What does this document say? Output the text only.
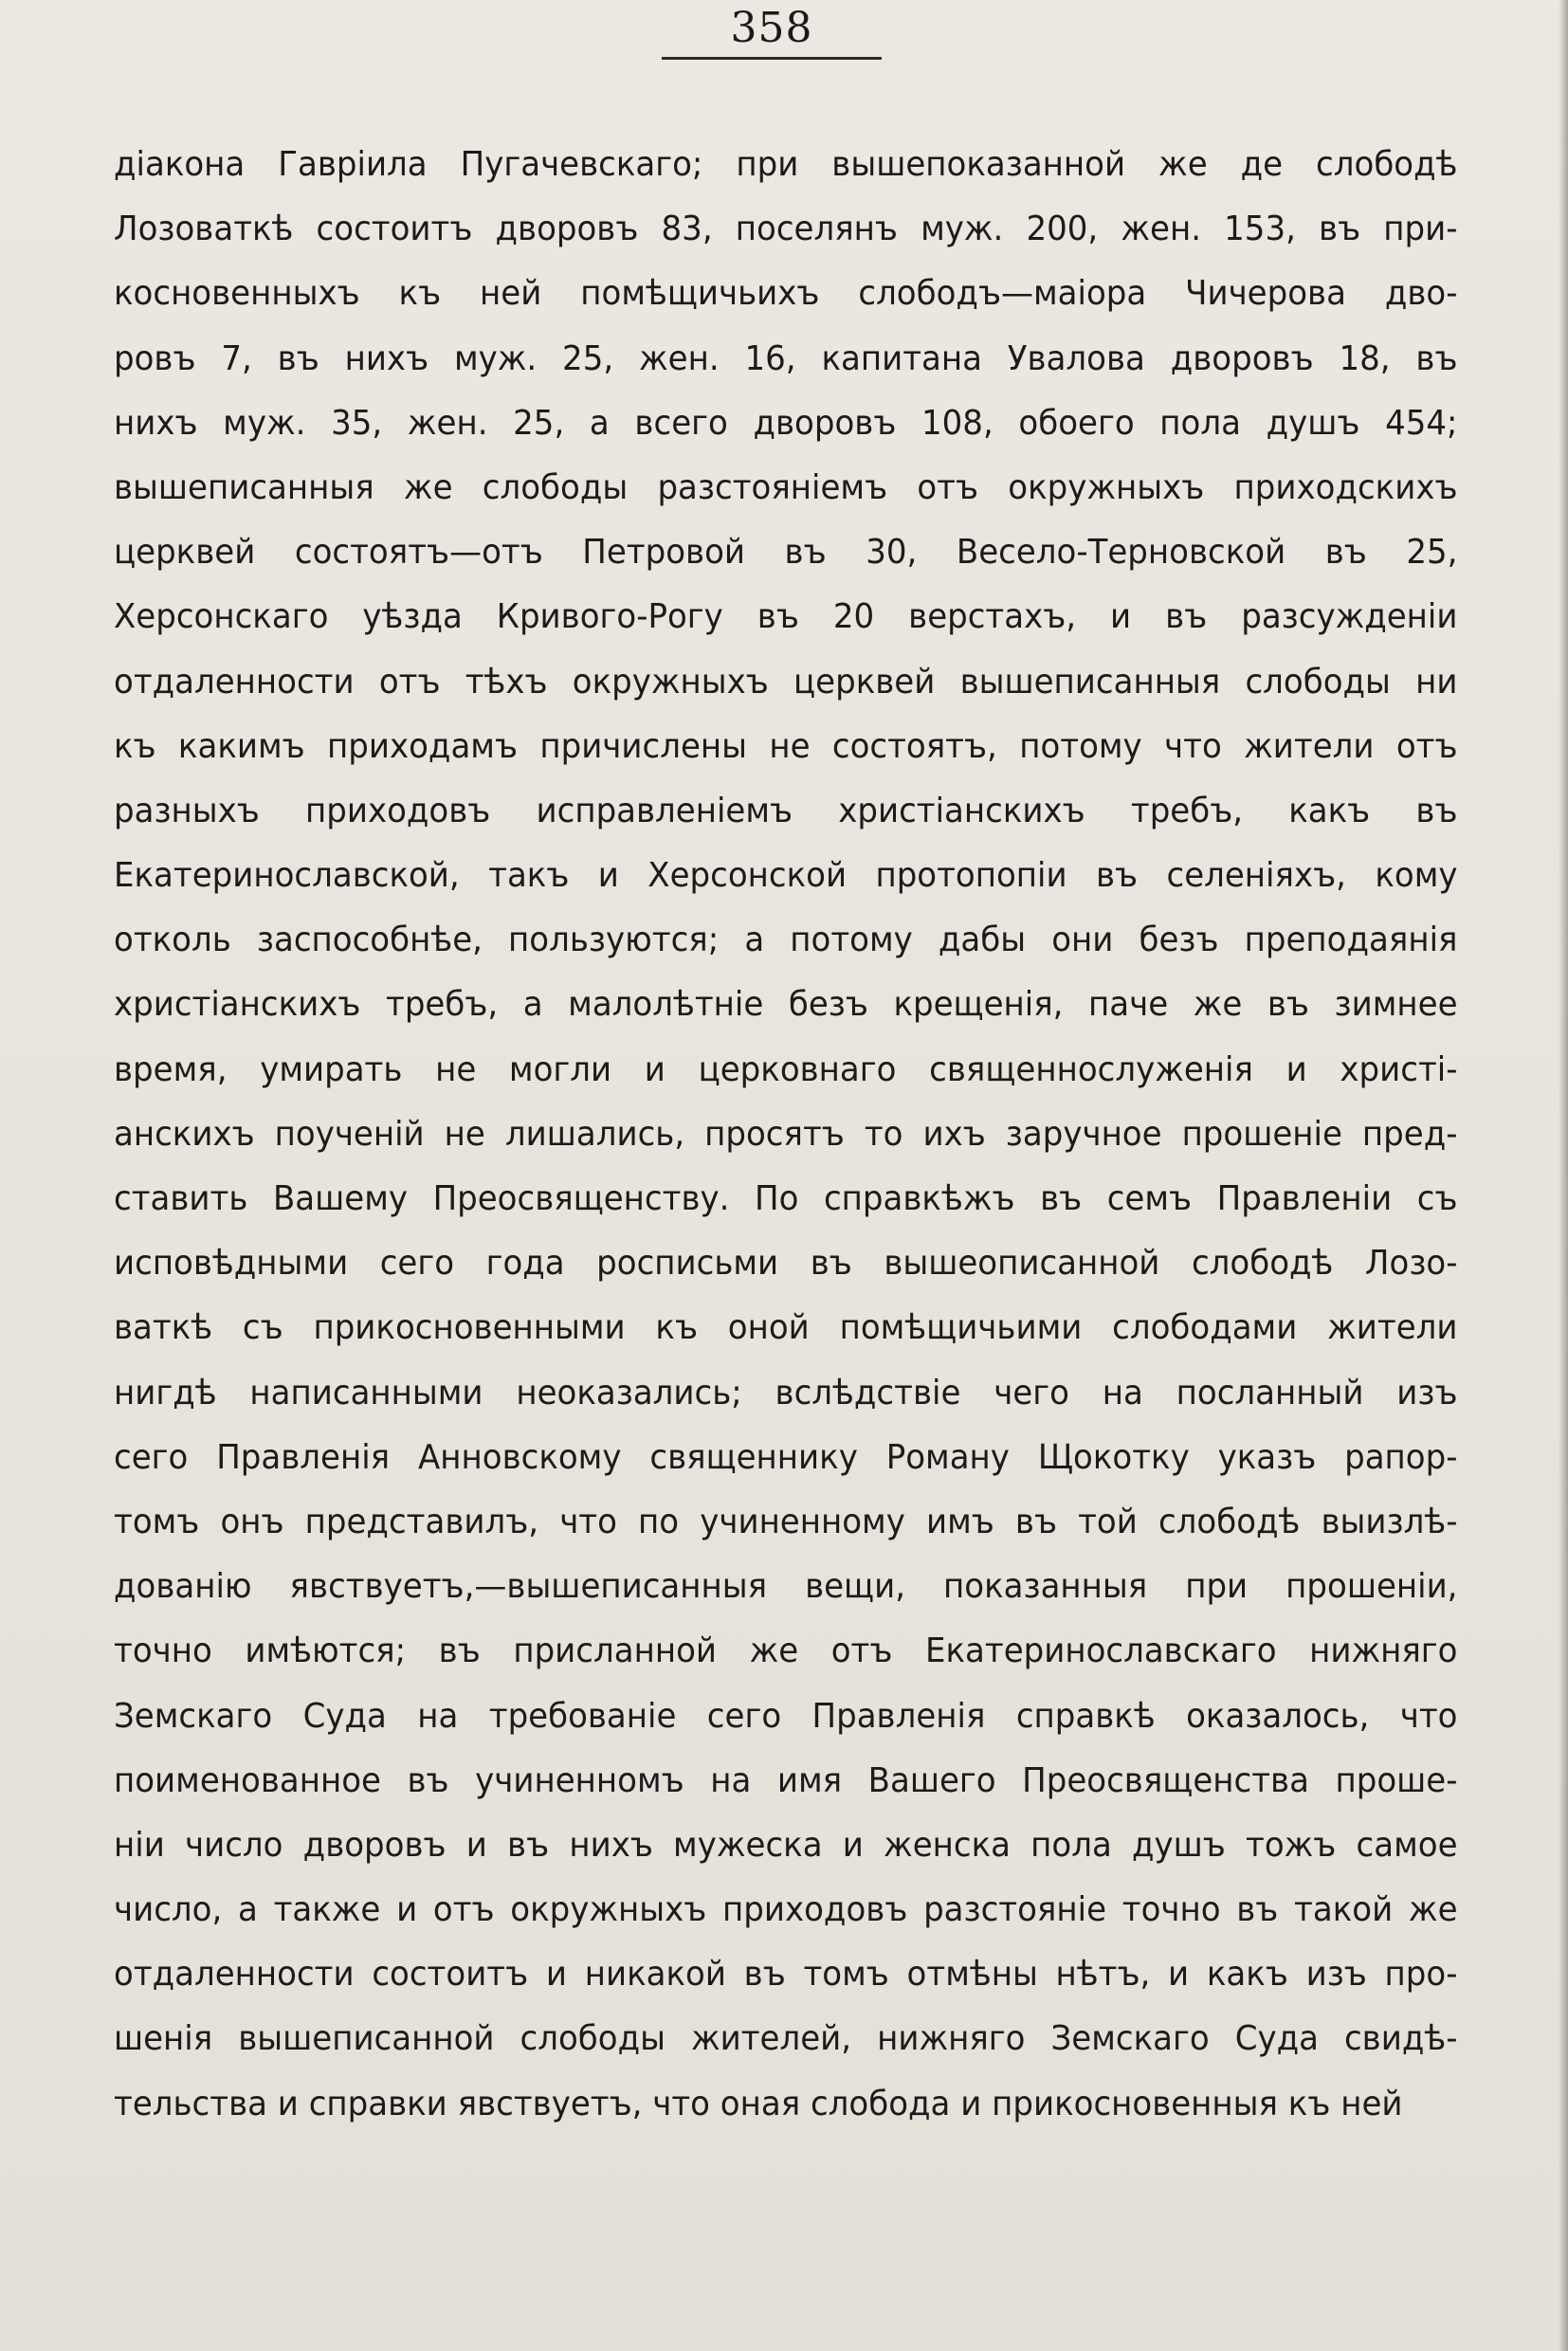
358
діакона Гавріила Пугачевскаго; при вышепоказанной же де слободѣ
Лозоваткѣ состоитъ дворовъ 83, поселянъ муж. 200, жен. 153, въ при-
косновенныхъ къ ней помѣщичьихъ слободъ—маіора Чичерова дво-
ровъ 7, въ нихъ муж. 25, жен. 16, капитана Увалова дворовъ 18, въ
нихъ муж. 35, жен. 25, а всего дворовъ 108, обоего пола душъ 454;
вышеписанныя же слободы разстояніемъ отъ окружныхъ приходскихъ
церквей состоятъ—отъ Петровой въ 30, Весело-Терновской въ 25,
Херсонскаго уѣзда Кривого-Рогу въ 20 верстахъ, и въ разсужденіи
отдаленности отъ тѣхъ окружныхъ церквей вышеписанныя слободы ни
къ какимъ приходамъ причислены не состоятъ, потому что жители отъ
разныхъ приходовъ исправленіемъ христіанскихъ требъ, какъ въ
Екатеринославской, такъ и Херсонской протопопіи въ селеніяхъ, кому
отколь заспособнѣе, пользуются; а потому дабы они безъ преподаянія
христіанскихъ требъ, а малолѣтніе безъ крещенія, паче же въ зимнее
время, умирать не могли и церковнаго священнослуженія и христі-
анскихъ поученій не лишались, просятъ то ихъ заручное прошеніе пред-
ставить Вашему Преосвященству. По справкѣжъ въ семъ Правленіи съ
исповѣдными сего года росписьми въ вышеописанной слободѣ Лозо-
ваткѣ съ прикосновенными къ оной помѣщичьими слободами жители
нигдѣ написанными неоказались; вслѣдствіе чего на посланный изъ
сего Правленія Анновскому священнику Роману Щокотку указъ рапор-
томъ онъ представилъ, что по учиненному имъ въ той слободѣ выизлѣ-
дованію явствуетъ,—вышеписанныя вещи, показанныя при прошеніи,
точно имѣются; въ присланной же отъ Екатеринославскаго нижняго
Земскаго Суда на требованіе сего Правленія справкѣ оказалось, что
поименованное въ учиненномъ на имя Вашего Преосвященства проше-
ніи число дворовъ и въ нихъ мужеска и женска пола душъ тожъ самое
число, а также и отъ окружныхъ приходовъ разстояніе точно въ такой же
отдаленности состоитъ и никакой въ томъ отмѣны нѣтъ, и какъ изъ про-
шенія вышеписанной слободы жителей, нижняго Земскаго Суда свидѣ-
тельства и справки явствуетъ, что оная слобода и прикосновенныя къ ней
